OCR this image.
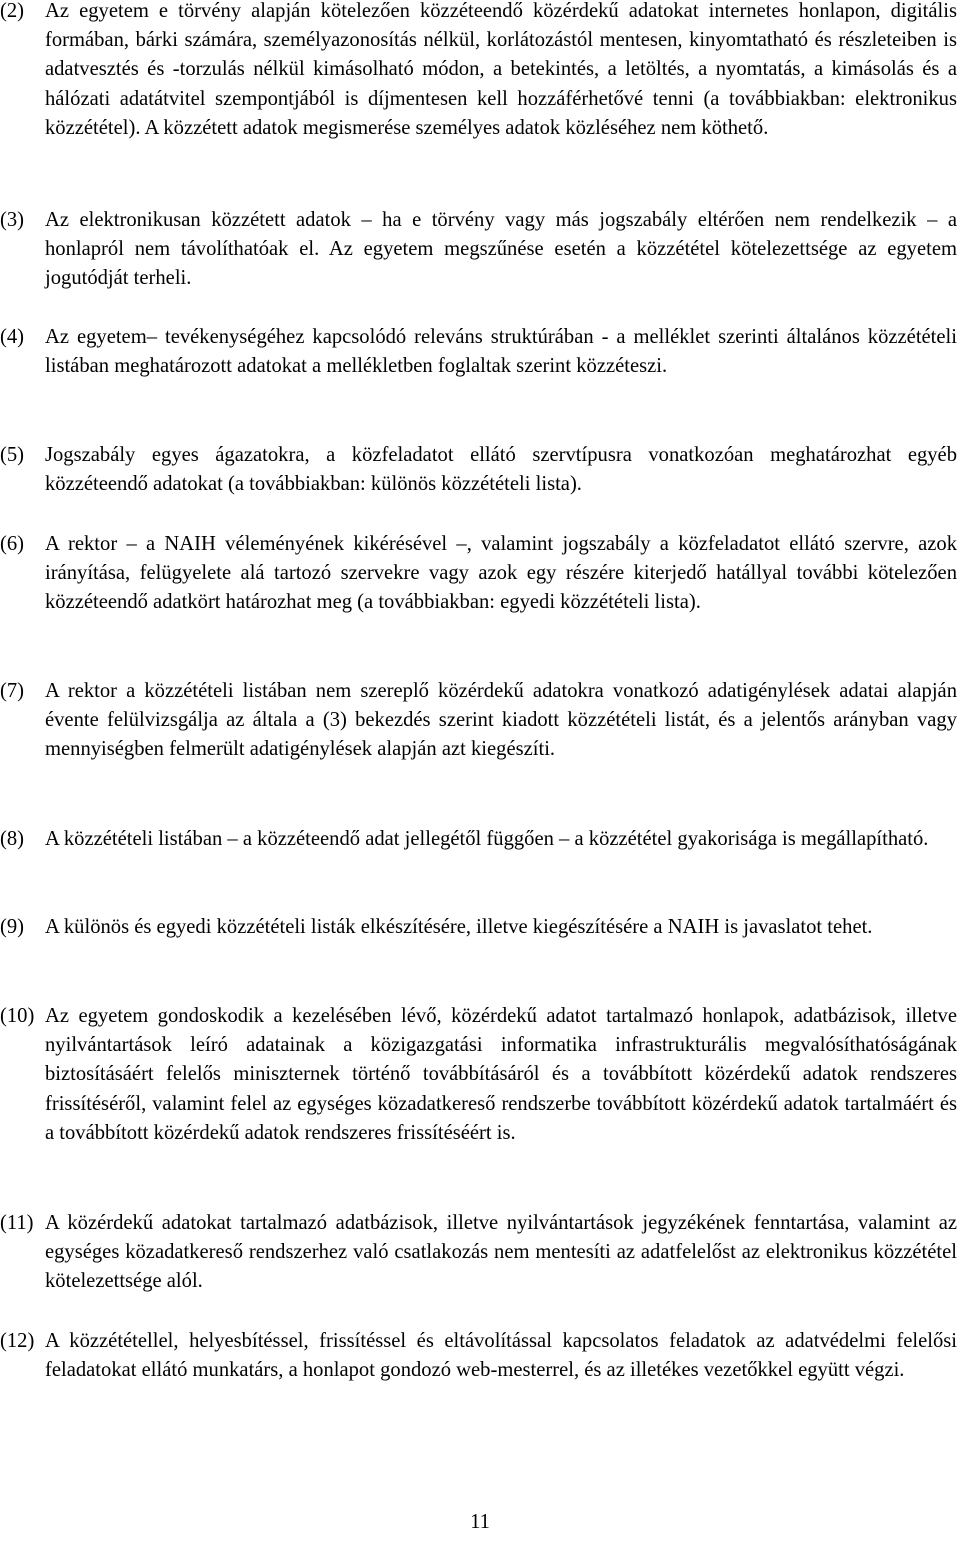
(2)	Az egyetem e törvény alapján kötelezően közzéteendő közérdekű adatokat internetes honlapon, digitális formában, bárki számára, személyazonosítás nélkül, korlátozástól mentesen, kinyomtatható és részleteiben is adatvesztés és -torzulás nélkül kimásolható módon, a betekintés, a letöltés, a nyomtatás, a kimásolás és a hálózati adatátvitel szempontjából is díjmentesen kell hozzáférhetővé tenni (a továbbiakban: elektronikus közzététel). A közzétett adatok megismerése személyes adatok közléséhez nem köthető.
(3)	Az elektronikusan közzétett adatok – ha e törvény vagy más jogszabály eltérően nem rendelkezik – a honlapról nem távolíthatóak el. Az egyetem megszűnése esetén a közzététel kötelezettsége az egyetem jogutódját terheli.
(4)	Az egyetem– tevékenységéhez kapcsolódó releváns struktúrában - a melléklet szerinti általános közzétételi listában meghatározott adatokat a mellékletben foglaltak szerint közzéteszi.
(5)	Jogszabály egyes ágazatokra, a közfeladatot ellátó szervtípusra vonatkozóan meghatározhat egyéb közzéteendő adatokat (a továbbiakban: különös közzétételi lista).
(6)	A rektor – a NAIH véleményének kikérésével –, valamint jogszabály a közfeladatot ellátó szervre, azok irányítása, felügyelete alá tartozó szervekre vagy azok egy részére kiterjedő hatállyal további kötelezően közzéteendő adatkört határozhat meg (a továbbiakban: egyedi közzétételi lista).
(7)	A rektor a közzétételi listában nem szereplő közérdekű adatokra vonatkozó adatigénylések adatai alapján évente felülvizsgálja az általa a (3) bekezdés szerint kiadott közzétételi listát, és a jelentős arányban vagy mennyiségben felmerült adatigénylések alapján azt kiegészíti.
(8)	A közzétételi listában – a közzéteendő adat jellegétől függően – a közzététel gyakorisága is megállapítható.
(9)	A különös és egyedi közzétételi listák elkészítésére, illetve kiegészítésére a NAIH is javaslatot tehet.
(10) Az egyetem gondoskodik a kezelésében lévő, közérdekű adatot tartalmazó honlapok, adatbázisok, illetve nyilvántartások leíró adatainak a közigazgatási informatika infrastrukturális megvalósíthatóságának biztosításáért felelős miniszternek történő továbbításáról és a továbbított közérdekű adatok rendszeres frissítéséről, valamint felel az egységes közadatkereső rendszerbe továbbított közérdekű adatok tartalmáért és a továbbított közérdekű adatok rendszeres frissítéséért is.
(11) A közérdekű adatokat tartalmazó adatbázisok, illetve nyilvántartások jegyzékének fenntartása, valamint az egységes közadatkereső rendszerhez való csatlakozás nem mentesíti az adatfelelőst az elektronikus közzététel kötelezettsége alól.
(12) A közzététellel, helyesbítéssel, frissítéssel és eltávolítással kapcsolatos feladatok az adatvédelmi felelősi feladatokat ellátó munkatárs, a honlapot gondozó web-mesterrel, és az illetékes vezetőkkel együtt végzi.
11
